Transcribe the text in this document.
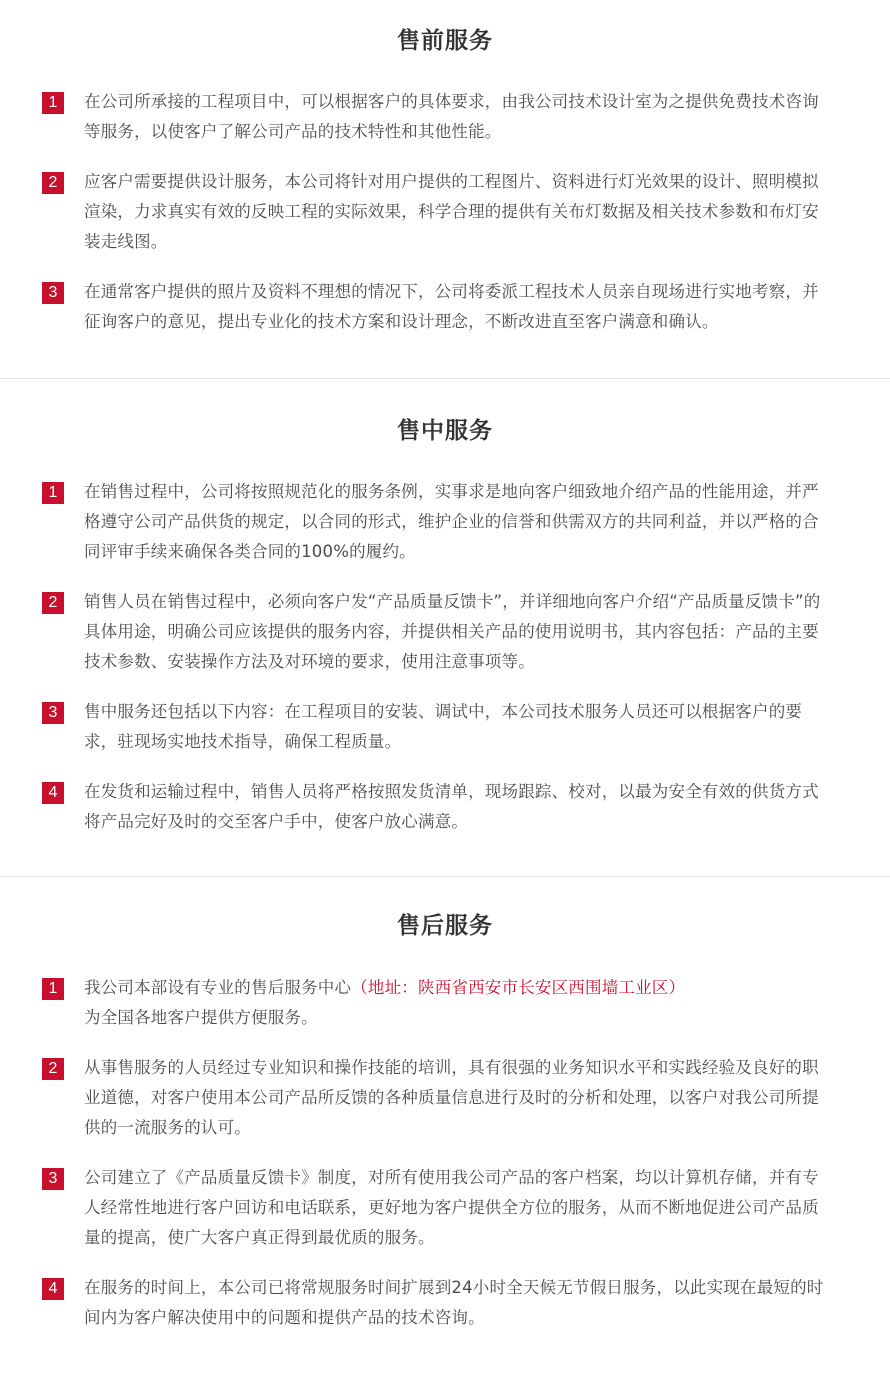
售前服务
1	在公司所承接的工程项目中，可以根据客户的具体要求，由我公司技术设计室为之提供免费技术咨询等服务，以使客户了解公司产品的技术特性和其他性能。
2	应客户需要提供设计服务，本公司将针对用户提供的工程图片、资料进行灯光效果的设计、照明模拟渲染，力求真实有效的反映工程的实际效果，科学合理的提供有关布灯数据及相关技术参数和布灯安装走线图。
3	在通常客户提供的照片及资料不理想的情况下，公司将委派工程技术人员亲自现场进行实地考察，并征询客户的意见，提出专业化的技术方案和设计理念，不断改进直至客户满意和确认。
售中服务
1	在销售过程中，公司将按照规范化的服务条例，实事求是地向客户细致地介绍产品的性能用途，并严格遵守公司产品供货的规定，以合同的形式，维护企业的信誉和供需双方的共同利益，并以严格的合同评审手续来确保各类合同的100%的履约。
2	销售人员在销售过程中，必须向客户发“产品质量反馈卡”，并详细地向客户介绍“产品质量反馈卡”的具体用途，明确公司应该提供的服务内容，并提供相关产品的使用说明书，其内容包括：产品的主要技术参数、安装操作方法及对环境的要求，使用注意事项等。
3	售中服务还包括以下内容：在工程项目的安装、调试中，本公司技术服务人员还可以根据客户的要求，驻现场实地技术指导，确保工程质量。
4	在发货和运输过程中，销售人员将严格按照发货清单，现场跟踪、校对，以最为安全有效的供货方式将产品完好及时的交至客户手中，使客户放心满意。
售后服务
1	我公司本部设有专业的售后服务中心（地址：陕西省西安市长安区西围墙工业区）
为全国各地客户提供方便服务。
2	从事售服务的人员经过专业知识和操作技能的培训，具有很强的业务知识水平和实践经验及良好的职业道德，对客户使用本公司产品所反馈的各种质量信息进行及时的分析和处理，以客户对我公司所提供的一流服务的认可。
3	公司建立了《产品质量反馈卡》制度，对所有使用我公司产品的客户档案，均以计算机存储，并有专人经常性地进行客户回访和电话联系，更好地为客户提供全方位的服务，从而不断地促进公司产品质量的提高，使广大客户真正得到最优质的服务。
4	在服务的时间上，本公司已将常规服务时间扩展到24小时全天候无节假日服务，以此实现在最短的时间内为客户解决使用中的问题和提供产品的技术咨询。
